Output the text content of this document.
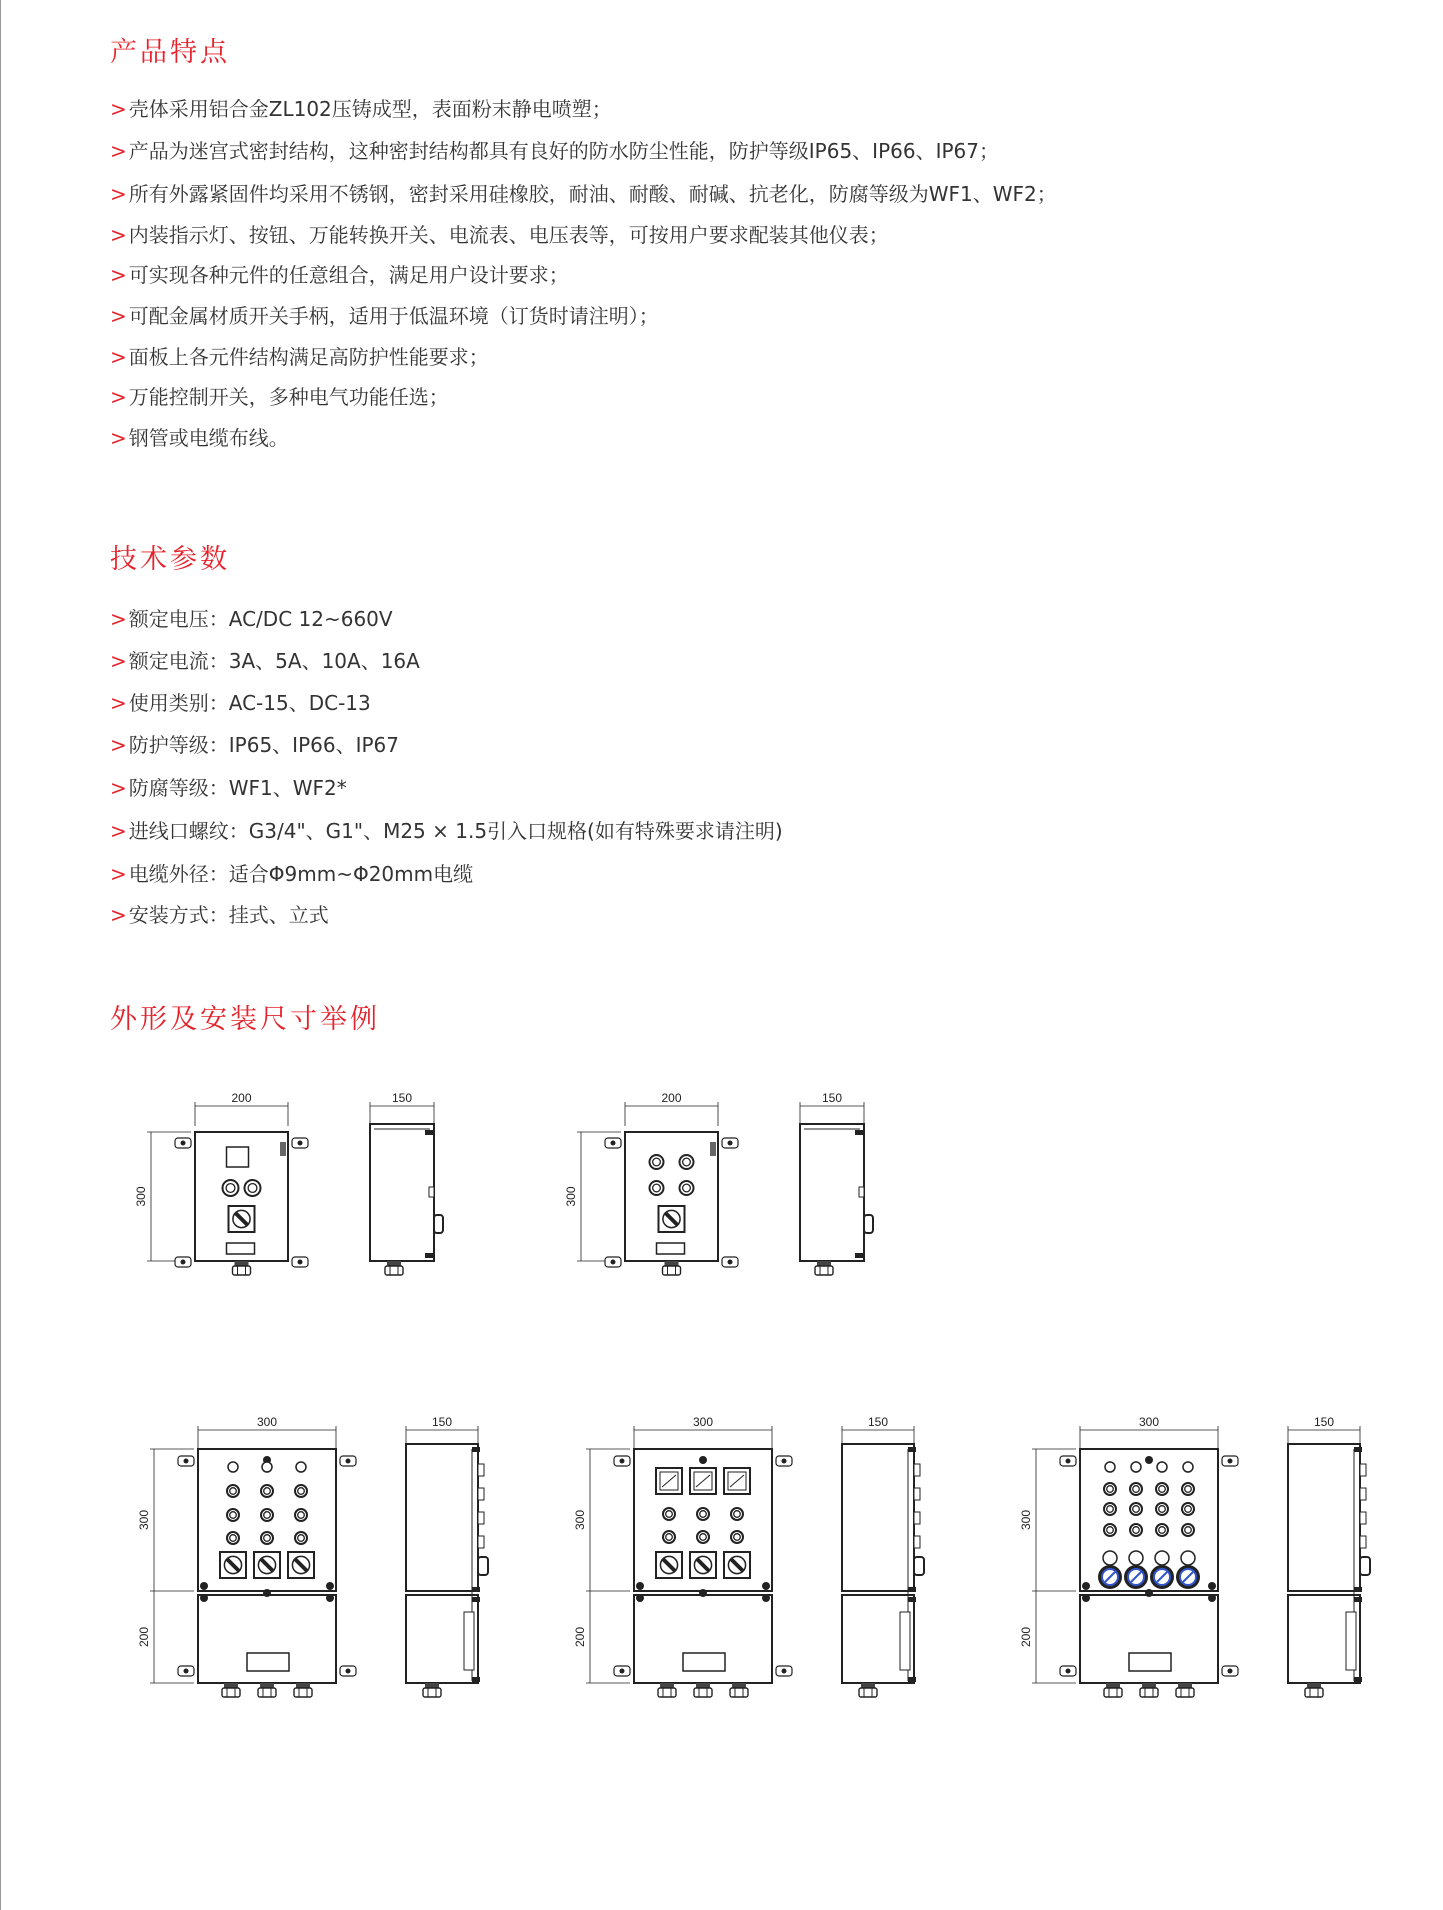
产品特点
> 壳体采用铝合金ZL102压铸成型，表面粉末静电喷塑；
> 产品为迷宫式密封结构，这种密封结构都具有良好的防水防尘性能，防护等级IP65、IP66、IP67；
> 所有外露紧固件均采用不锈钢，密封采用硅橡胶，耐油、耐酸、耐碱、抗老化，防腐等级为WF1、WF2；
> 内装指示灯、按钮、万能转换开关、电流表、电压表等，可按用户要求配装其他仪表；
> 可实现各种元件的任意组合，满足用户设计要求；
> 可配金属材质开关手柄，适用于低温环境（订货时请注明）；
> 面板上各元件结构满足高防护性能要求；
> 万能控制开关，多种电气功能任选；
> 钢管或电缆布线。
技术参数
> 额定电压：AC/DC 12~660V
> 额定电流：3A、5A、10A、16A
> 使用类别：AC-15、DC-13
> 防护等级：IP65、IP66、IP67
> 防腐等级：WF1、WF2*
> 进线口螺纹：G3/4"、G1"、M25 × 1.5引入口规格(如有特殊要求请注明)
> 电缆外径：适合Φ9mm~Φ20mm电缆
> 安装方式：挂式、立式
外形及安装尺寸举例
200
300
150	200
300
150
300
300
200
150	300
300
200
150	300
300
200
150
